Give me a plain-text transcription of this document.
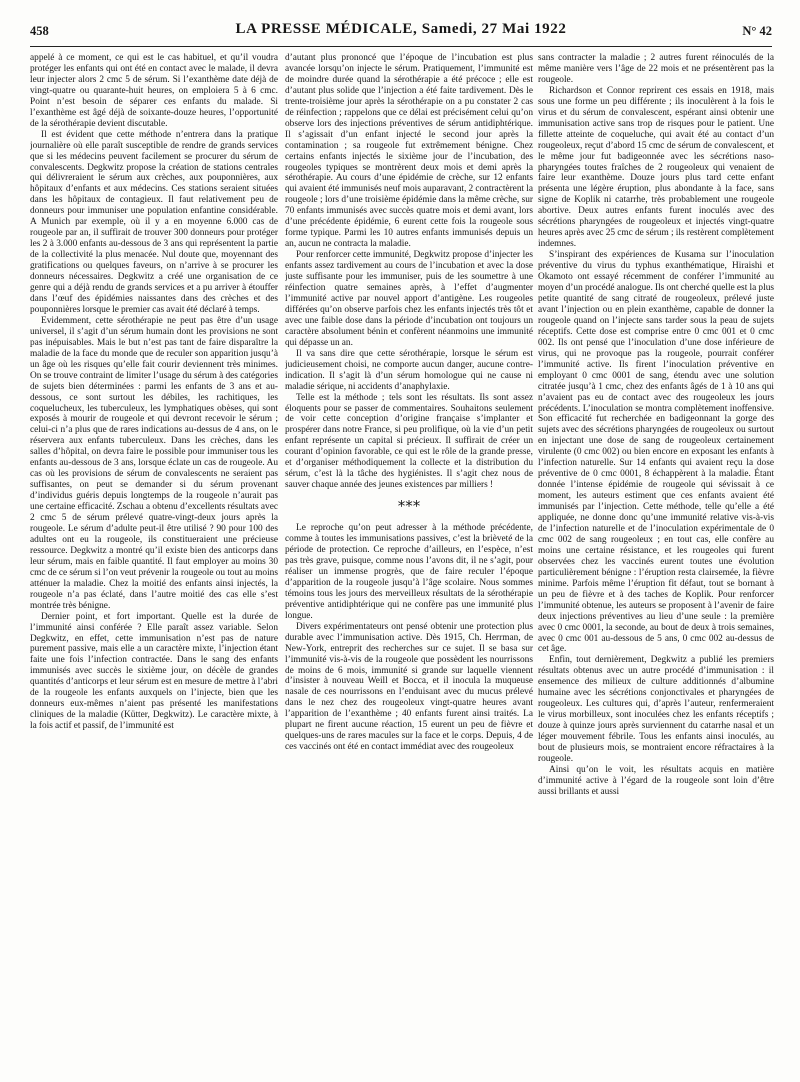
458	LA PRESSE MÉDICALE, Samedi, 27 Mai 1922	N° 42

appelé à ce moment, ce qui est le cas habituel, et qu’il voudra protéger les enfants qui ont été en contact avec le malade, il devra leur injecter alors 2 cmc 5 de sérum. Si l’exanthème date déjà de vingt-quatre ou quarante-huit heures, on emploiera 5 à 6 cmc. Point n’est besoin de séparer ces enfants du malade. Si l’exanthème est âgé déjà de soixante-douze heures, l’opportunité de la sérothérapie devient discutable.

Il est évident que cette méthode n’entrera dans la pratique journalière où elle paraît susceptible de rendre de grands services que si les médecins peuvent facilement se procurer du sérum de convalescents. Degkwitz propose la création de stations centrales qui délivreraient le sérum aux crèches, aux pouponnières, aux hôpitaux d’enfants et aux médecins. Ces stations seraient situées dans les hôpitaux de contagieux. Il faut relativement peu de donneurs pour immuniser une population enfantine considérable. A Munich par exemple, où il y a en moyenne 6.000 cas de rougeole par an, il suffirait de trouver 300 donneurs pour protéger les 2 à 3.000 enfants au-dessous de 3 ans qui représentent la partie de la collectivité la plus menacée. Nul doute que, moyennant des gratifications ou quelques faveurs, on n’arrive à se procurer les donneurs nécessaires. Degkwitz a créé une organisation de ce genre qui a déjà rendu de grands services et a pu arriver à étouffer dans l’œuf des épidémies naissantes dans des crèches et des pouponnières lorsque le premier cas avait été déclaré à temps.

Evidemment, cette sérothérapie ne peut pas être d’un usage universel, il s’agit d’un sérum humain dont les provisions ne sont pas inépuisables. Mais le but n’est pas tant de faire disparaître la maladie de la face du monde que de reculer son apparition jusqu’à un âge où les risques qu’elle fait courir deviennent très minimes. On se trouve contraint de limiter l’usage du sérum à des catégories de sujets bien déterminées : parmi les enfants de 3 ans et au-dessous, ce sont surtout les débiles, les rachitiques, les coquelucheux, les tuberculeux, les lymphatiques obèses, qui sont exposés à mourir de rougeole et qui devront recevoir le sérum ; celui-ci n’a plus que de rares indications au-dessus de 4 ans, on le réservera aux enfants tuberculeux. Dans les crèches, dans les salles d’hôpital, on devra faire le possible pour immuniser tous les enfants au-dessous de 3 ans, lorsque éclate un cas de rougeole. Au cas où les provisions de sérum de convalescents ne seraient pas suffisantes, on peut se demander si du sérum provenant d’individus guéris depuis longtemps de la rougeole n’aurait pas une certaine efficacité. Zschau a obtenu d’excellents résultats avec 2 cmc 5 de sérum prélevé quatre-vingt-deux jours après la rougeole. Le sérum d’adulte peut-il être utilisé ? 90 pour 100 des adultes ont eu la rougeole, ils constitueraient une précieuse ressource. Degkwitz a montré qu’il existe bien des anticorps dans leur sérum, mais en faible quantité. Il faut employer au moins 30 cmc de ce sérum si l’on veut prévenir la rougeole ou tout au moins atténuer la maladie. Chez la moitié des enfants ainsi injectés, la rougeole n’a pas éclaté, dans l’autre moitié des cas elle s’est montrée très bénigne.

Dernier point, et fort important. Quelle est la durée de l’immunité ainsi conférée ? Elle paraît assez variable. Selon Degkwitz, en effet, cette immunisation n’est pas de nature purement passive, mais elle a un caractère mixte, l’injection étant faite une fois l’infection contractée. Dans le sang des enfants immunisés avec succès le sixième jour, on décèle de grandes quantités d’anticorps et leur sérum est en mesure de mettre à l’abri de la rougeole les enfants auxquels on l’injecte, bien que les donneurs eux-mêmes n’aient pas présenté les manifestations cliniques de la maladie (Kütter, Degkwitz). Le caractère mixte, à la fois actif et passif, de l’immunité est

d’autant plus prononcé que l’époque de l’incubation est plus avancée lorsqu’on injecte le sérum. Pratiquement, l’immunité est de moindre durée quand la sérothérapie a été précoce ; elle est d’autant plus solide que l’injection a été faite tardivement. Dès le trente-troisième jour après la sérothérapie on a pu constater 2 cas de réinfection ; rappelons que ce délai est précisément celui qu’on observe lors des injections préventives de sérum antidiphtérique. Il s’agissait d’un enfant injecté le second jour après la contamination ; sa rougeole fut extrêmement bénigne. Chez certains enfants injectés le sixième jour de l’incubation, des rougeoles typiques se montrèrent deux mois et demi après la sérothérapie. Au cours d’une épidémie de crèche, sur 12 enfants qui avaient été immunisés neuf mois auparavant, 2 contractèrent la rougeole ; lors d’une troisième épidémie dans la même crèche, sur 70 enfants immunisés avec succès quatre mois et demi avant, lors d’une précédente épidémie, 6 eurent cette fois la rougeole sous forme typique. Parmi les 10 autres enfants immunisés depuis un an, aucun ne contracta la maladie.

Pour renforcer cette immunité, Degkwitz propose d’injecter les enfants assez tardivement au cours de l’incubation et avec la dose juste suffisante pour les immuniser, puis de les soumettre à une réinfection quatre semaines après, à l’effet d’augmenter l’immunité active par nouvel apport d’antigène. Les rougeoles différées qu’on observe parfois chez les enfants injectés très tôt et avec une faible dose dans la période d’incubation ont toujours un caractère absolument bénin et confèrent néanmoins une immunité qui dépasse un an.

Il va sans dire que cette sérothérapie, lorsque le sérum est judicieusement choisi, ne comporte aucun danger, aucune contre-indication. Il s’agit là d’un sérum homologue qui ne cause ni maladie sérique, ni accidents d’anaphylaxie.

Telle est la méthode ; tels sont les résultats. Ils sont assez éloquents pour se passer de commentaires. Souhaitons seulement de voir cette conception d’origine française s’implanter et prospérer dans notre France, si peu prolifique, où la vie d’un petit enfant représente un capital si précieux. Il suffirait de créer un courant d’opinion favorable, ce qui est le rôle de la grande presse, et d’organiser méthodiquement la collecte et la distribution du sérum, c’est là la tâche des hygiénistes. Il s’agit chez nous de sauver chaque année des jeunes existences par milliers !

***

Le reproche qu’on peut adresser à la méthode précédente, comme à toutes les immunisations passives, c’est la brièveté de la période de protection. Ce reproche d’ailleurs, en l’espèce, n’est pas très grave, puisque, comme nous l’avons dit, il ne s’agit, pour réaliser un immense progrès, que de faire reculer l’époque d’apparition de la rougeole jusqu’à l’âge scolaire. Nous sommes témoins tous les jours des merveilleux résultats de la sérothérapie préventive antidiphtérique qui ne confère pas une immunité plus longue.

Divers expérimentateurs ont pensé obtenir une protection plus durable avec l’immunisation active. Dès 1915, Ch. Herrman, de New-York, entreprit des recherches sur ce sujet. Il se basa sur l’immunité vis-à-vis de la rougeole que possèdent les nourrissons de moins de 6 mois, immunité si grande sur laquelle viennent d’insister à nouveau Weill et Bocca, et il inocula la muqueuse nasale de ces nourrissons en l’enduisant avec du mucus prélevé dans le nez chez des rougeoleux vingt-quatre heures avant l’apparition de l’exanthème ; 40 enfants furent ainsi traités. La plupart ne firent aucune réaction, 15 eurent un peu de fièvre et quelques-uns de rares macules sur la face et le corps. Depuis, 4 de ces vaccinés ont été en contact immédiat avec des rougeoleux

sans contracter la maladie ; 2 autres furent réinoculés de la même manière vers l’âge de 22 mois et ne présentèrent pas la rougeole.

Richardson et Connor reprirent ces essais en 1918, mais sous une forme un peu différente ; ils inoculèrent à la fois le virus et du sérum de convalescent, espérant ainsi obtenir une immunisation active sans trop de risques pour le patient. Une fillette atteinte de coqueluche, qui avait été au contact d’un rougeoleux, reçut d’abord 15 cmc de sérum de convalescent, et le même jour fut badigeonnée avec les sécrétions naso-pharyngées toutes fraîches de 2 rougeoleux qui venaient de faire leur exanthème. Douze jours plus tard cette enfant présenta une légère éruption, plus abondante à la face, sans signe de Koplik ni catarrhe, très probablement une rougeole abortive. Deux autres enfants furent inoculés avec des sécrétions pharyngées de rougeoleux et injectés vingt-quatre heures après avec 25 cmc de sérum ; ils restèrent complètement indemnes.

S’inspirant des expériences de Kusama sur l’inoculation préventive du virus du typhus exanthématique, Hiraishi et Okamoto ont essayé récemment de conférer l’immunité au moyen d’un procédé analogue. Ils ont cherché quelle est la plus petite quantité de sang citraté de rougeoleux, prélevé juste avant l’injection ou en plein exanthème, capable de donner la rougeole quand on l’injecte sans tarder sous la peau de sujets réceptifs. Cette dose est comprise entre 0 cmc 001 et 0 cmc 002. Ils ont pensé que l’inoculation d’une dose inférieure de virus, qui ne provoque pas la rougeole, pourrait conférer l’immunité active. Ils firent l’inoculation préventive en employant 0 cmc 0001 de sang, étendu avec une solution citratée jusqu’à 1 cmc, chez des enfants âgés de 1 à 10 ans qui n’avaient pas eu de contact avec des rougeoleux les jours précédents. L’inoculation se montra complètement inoffensive. Son efficacité fut recherchée en badigeonnant la gorge des sujets avec des sécrétions pharyngées de rougeoleux ou surtout en injectant une dose de sang de rougeoleux certainement virulente (0 cmc 002) ou bien encore en exposant les enfants à l’infection naturelle. Sur 14 enfants qui avaient reçu la dose préventive de 0 cmc 0001, 8 échappèrent à la maladie. Étant donnée l’intense épidémie de rougeole qui sévissait à ce moment, les auteurs estiment que ces enfants avaient été immunisés par l’injection. Cette méthode, telle qu’elle a été appliquée, ne donne donc qu’une immunité relative vis-à-vis de l’infection naturelle et de l’inoculation expérimentale de 0 cmc 002 de sang rougeoleux ; en tout cas, elle confère au moins une certaine résistance, et les rougeoles qui furent observées chez les vaccinés eurent toutes une évolution particulièrement bénigne : l’éruption resta clairsemée, la fièvre minime. Parfois même l’éruption fit défaut, tout se bornant à un peu de fièvre et à des taches de Koplik. Pour renforcer l’immunité obtenue, les auteurs se proposent à l’avenir de faire deux injections préventives au lieu d’une seule : la première avec 0 cmc 0001, la seconde, au bout de deux à trois semaines, avec 0 cmc 001 au-dessous de 5 ans, 0 cmc 002 au-dessus de cet âge.

Enfin, tout dernièrement, Degkwitz a publié les premiers résultats obtenus avec un autre procédé d’immunisation : il ensemence des milieux de culture additionnés d’albumine humaine avec les sécrétions conjonctivales et pharyngées de rougeoleux. Les cultures qui, d’après l’auteur, renfermeraient le virus morbilleux, sont inoculées chez les enfants réceptifs ; douze à quinze jours après surviennent du catarrhe nasal et un léger mouvement fébrile. Tous les enfants ainsi inoculés, au bout de plusieurs mois, se montraient encore réfractaires à la rougeole.

Ainsi qu’on le voit, les résultats acquis en matière d’immunité active à l’égard de la rougeole sont loin d’être aussi brillants et aussi
